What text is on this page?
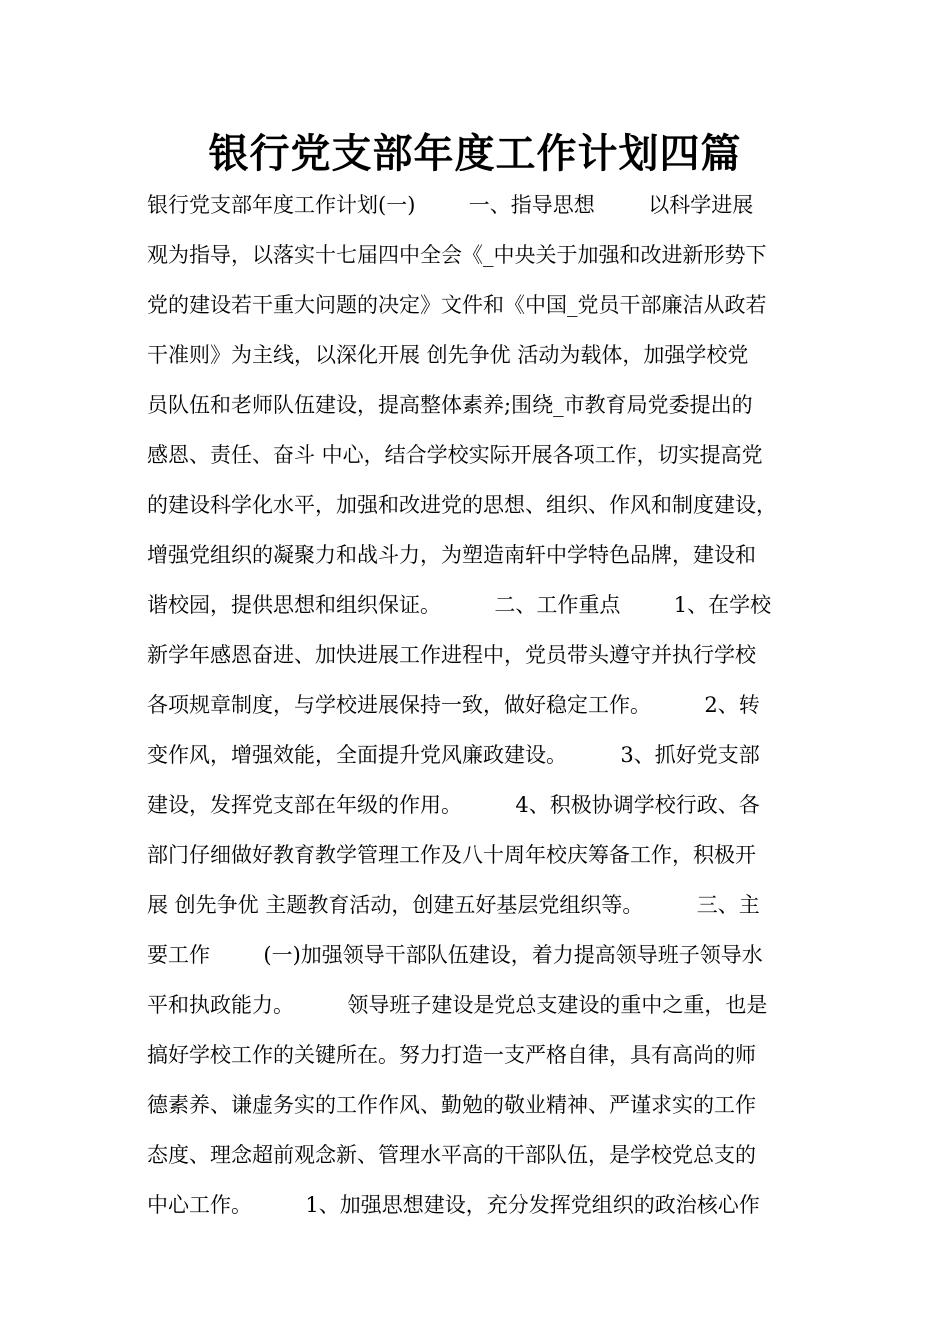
银行党支部年度工作计划四篇
银行党支部年度工作计划(一)        一、指导思想        以科学进展
观为指导，以落实十七届四中全会《_中央关于加强和改进新形势下
党的建设若干重大问题的决定》文件和《中国_党员干部廉洁从政若
干准则》为主线，以深化开展 创先争优 活动为载体，加强学校党
员队伍和老师队伍建设，提高整体素养;围绕_市教育局党委提出的
感恩、责任、奋斗 中心，结合学校实际开展各项工作，切实提高党
的建设科学化水平，加强和改进党的思想、组织、作风和制度建设，
增强党组织的凝聚力和战斗力，为塑造南轩中学特色品牌，建设和
谐校园，提供思想和组织保证。        二、工作重点        1、在学校
新学年感恩奋进、加快进展工作进程中，党员带头遵守并执行学校
各项规章制度，与学校进展保持一致，做好稳定工作。        2、转
变作风，增强效能，全面提升党风廉政建设。        3、抓好党支部
建设，发挥党支部在年级的作用。        4、积极协调学校行政、各
部门仔细做好教育教学管理工作及八十周年校庆筹备工作，积极开
展 创先争优 主题教育活动，创建五好基层党组织等。        三、主
要工作        (一)加强领导干部队伍建设，着力提高领导班子领导水
平和执政能力。        领导班子建设是党总支建设的重中之重，也是
搞好学校工作的关键所在。努力打造一支严格自律，具有高尚的师
德素养、谦虚务实的工作作风、勤勉的敬业精神、严谨求实的工作
态度、理念超前观念新、管理水平高的干部队伍，是学校党总支的
中心工作。        1、加强思想建设，充分发挥党组织的政治核心作
